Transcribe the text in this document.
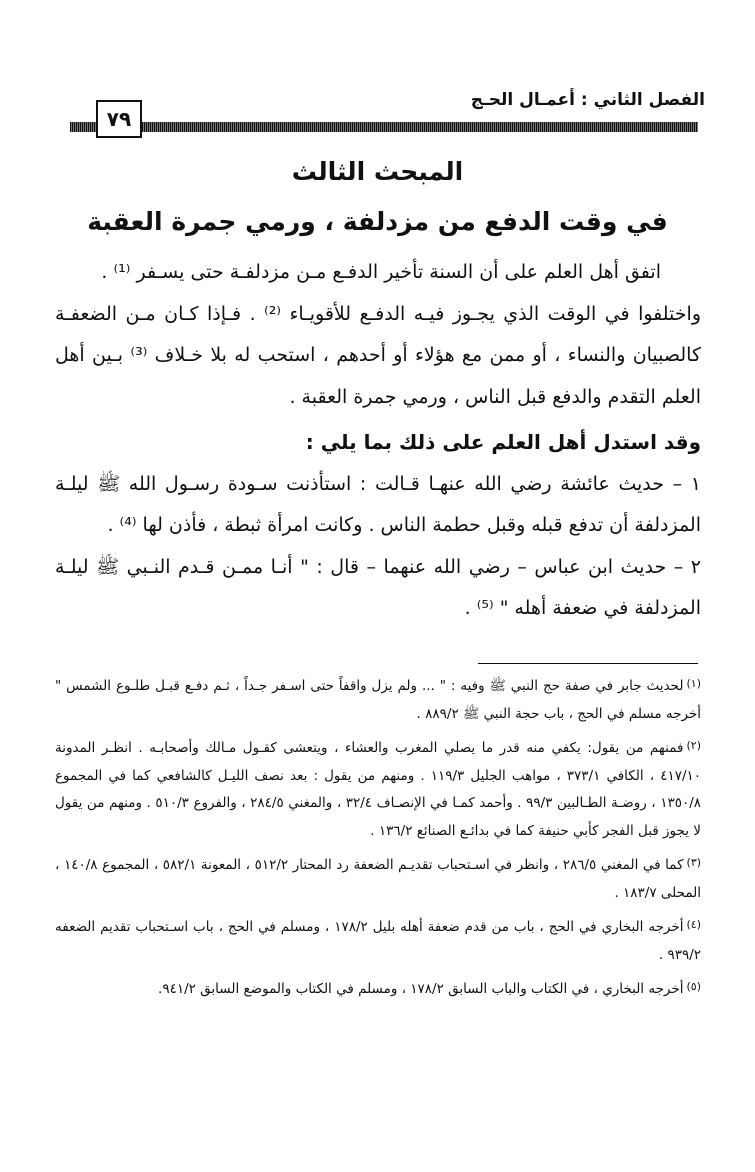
الفصل الثاني : أعمـال الحـج
٧٩
المبحث الثالث
في وقت الدفع من مزدلفة ، ورمي جمرة العقبة

اتفق أهل العلم على أن السنة تأخير الدفـع مـن مزدلفـة حتى يسـفر ⁽¹⁾ .

واختلفوا في الوقت الذي يجـوز فيـه الدفـع للأقويـاء ⁽²⁾ . فـإذا كـان مـن الضعفـة كالصبيان والنساء ، أو ممن مع هؤلاء أو أحدهم ، استحب له بلا خـلاف ⁽³⁾ بـين أهل العلم التقدم والدفع قبل الناس ، ورمي جمرة العقبة .

وقد استدل أهل العلم على ذلك بما يلي :

١ – حديث عائشة رضي الله عنهـا قـالت : استأذنت سـودة رسـول الله ﷺ ليلـة المزدلفة أن تدفع قبله وقبل حطمة الناس . وكانت امرأة ثبطة ، فأذن لها ⁽⁴⁾ .

٢ – حديث ابن عباس – رضي الله عنهما – قال : " أنـا ممـن قـدم النـبي ﷺ ليلـة المزدلفة في ضعفة أهله " ⁽⁵⁾ .

$^{(١)}$لحديث جابر في صفة حج النبي ﷺ وفيه : " ... ولم يزل واقفاً حتى اسـفر جـداً ، ثـم دفـع قبـل طلـوع الشمس " أخرجه مسلم في الحج ، باب حجة النبي ﷺ ٨٨٩/٢ .

$^{(٢)}$فمنهم من يقول: يكفي منه قدر ما يصلي المغرب والعشاء ، ويتعشى كقـول مـالك وأصحابـه . انظـر المدونة ٤١٧/١٠ ، الكافي ٣٧٣/١ ، مواهب الجليل ١١٩/٣ . ومنهم من يقول : بعد نصف الليـل كالشافعي كما في المجموع ١٣٥٠/٨ ، روضـة الطـالبين ٩٩/٣ . وأحمد كمـا في الإنصـاف ٣٢/٤ ، والمغني ٢٨٤/٥ ، والفروع ٥١٠/٣ . ومنهم من يقول لا يجوز قبل الفجر كأبي حنيفة كما في بدائـع الصنائع ١٣٦/٢ .

$^{(٣)}$كما في المغني ٢٨٦/٥ ، وانظر في اسـتحباب تقديـم الضعفة رد المحتار ٥١٢/٢ ، المعونة ٥٨٢/١ ، المجموع ١٤٠/٨ ، المحلى ١٨٣/٧ .

$^{(٤)}$أخرجه البخاري في الحج ، باب من قدم ضعفة أهله بليل ١٧٨/٢ ، ومسلم في الحج ، باب اسـتحباب تقديم الضعفه ٩٣٩/٢ .

$^{(٥)}$أخرجه البخاري ، في الكتاب والباب السابق ١٧٨/٢ ، ومسلم في الكتاب والموضع السابق ٩٤١/٢.
